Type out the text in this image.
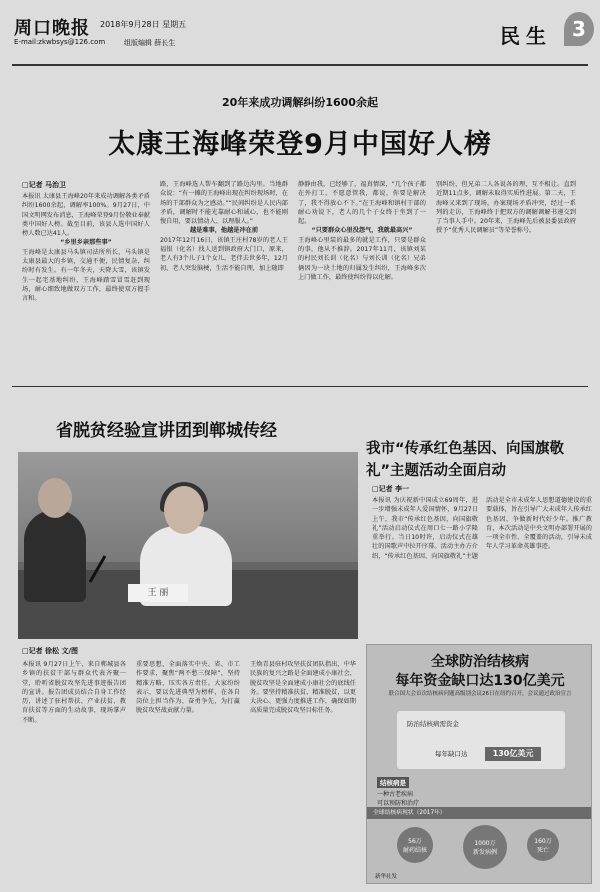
周口晚报 2018年9月28日 星期五
E-mail:zkwbsys@126.com	组版编辑 薛长生	民生	3
20年来成功调解纠纷1600余起
太康王海峰荣登9月中国好人榜
□记者 马治卫
本报讯 太康县王海峰20年来成功调解各类矛盾纠纷1600余起，调解率100%。9月27日，中国文明网发布消息，王海峰荣登9月份敬业奉献类中国好人榜。截至目前，该县人选中国好人榜人数已达41人。
“乡里乡亲那些事”
王海峰是太康县马头镇司法所所长，马头镇是太康县最大的乡镇，交通不便，民情复杂，纠纷时有发生。有一年冬天，天降大雪，该镇发生一起宅基地纠纷，王海峰踏雪冒雪赶到现场，耐心细致地做双方工作，最终使双方握手言和。
路，王海峰选人帮车翻到了路边沟里。当地群众说：“有一摊的王海峰出现在纠纷现场时，在场的干部群众为之感动。”“民间纠纷是人民内部矛盾，调解时不能光靠耐心和诚心，也不能刚愎自用，要以情动人、以理服人。”
越是难事，他越是冲在前
2017年12月16日，该镇王庄村78岁的老人王福银（化名）找人送到镇政府大门口，原来，老人有3个儿子1个女儿，老伴去世多年，12月初，老人突发脑梗，生活不能自理，加上随即
静静由我，已经够了，福真情深，“几个孩子都在外打工，不愿意管我，都说，你要是解决了，我不得放心不下。”在王海峰和镇村干部的耐心劝说下，老人的几个子女终于坐到了一起。
“只要群众心里没怨气，我就最高兴”
王海峰心里装的最多的就是工作，只要是群众的事，他从不推辞。2017年11月，该镇刘某的村民刘长训（化名）与刘长训（化名）兄弟俩因为一块土地的归属发生纠纷，王海峰多次上门做工作，最终使纠纷得以化解。
别纠纷，但兄弟二人各说各的理，互不相让。直到近期11点多，调解未取得实质性进展。第二天，王海峰又来到了现场，办案现场矛盾冲突，经过一系列的走访，王海峰终于把双方的调解调解书递交到了当事人手中。20年来，王海峰先后被县委县政府授予“优秀人民调解员”等荣誉称号。
省脱贫经验宣讲团到郸城传经
王 丽
我市“传承红色基因、向国旗敬礼”主题活动全面启动
□记者 李一
本报讯 为庆祝新中国成立69周年，进一步增强未成年人爱国情怀，9月27日上午，我市“传承红色基因、向国旗敬礼”活动启动仪式在周口七一路小学隆重举行。当日10时许，启动仪式在雄壮的国歌声中拉开序幕。活动主办方介绍，“传承红色基因、向国旗敬礼”主题活动是全市未成年人思想道德建设的重要载体，旨在引导广大未成年人传承红色基因，争做新时代好少年。推广教育，本次活动是中央文明办部署开展的一项全市性、全覆盖的活动，引导未成年人学习革命英雄事迹。
□记者 徐松 文/图
本报讯 9月27日上午，来自郸城县各乡镇的扶贫干部与群众代表齐聚一堂，聆听省脱贫攻坚先进事迹报告团的宣讲。报告团成员结合自身工作经历，讲述了驻村帮扶、产业扶贫、教育扶贫等方面的生动故事，现场掌声不断。
重要思想，全面落实中央、省、市工作要求，聚焦“两不愁三保障”，坚持精准方略，压实各方责任。大家纷纷表示，要以先进典型为榜样，在各自岗位上担当作为、奋勇争先，为打赢脱贫攻坚战贡献力量。
王焕青县驻村攻坚扶贫团队指出，中华民族的复兴之路是全面建成小康社会，脱贫攻坚是全面建成小康社会的底线任务。要坚持精准扶贫、精准脱贫，以更大决心、更强力度推进工作，确保如期高质量完成脱贫攻坚目标任务。
全球防治结核病
每年资金缺口达130亿美元
联合国大会首次结核病问题高级别会议26日在纽约召开，会议通过政治宣言
防治结核病需资金
每年缺口达	130亿美元
结核病是
一种古老疾病
可以预防和治疗
全球结核病现状（2017年）
1000万
新发病例
56万
耐药结核
160万
死亡
新华社发
